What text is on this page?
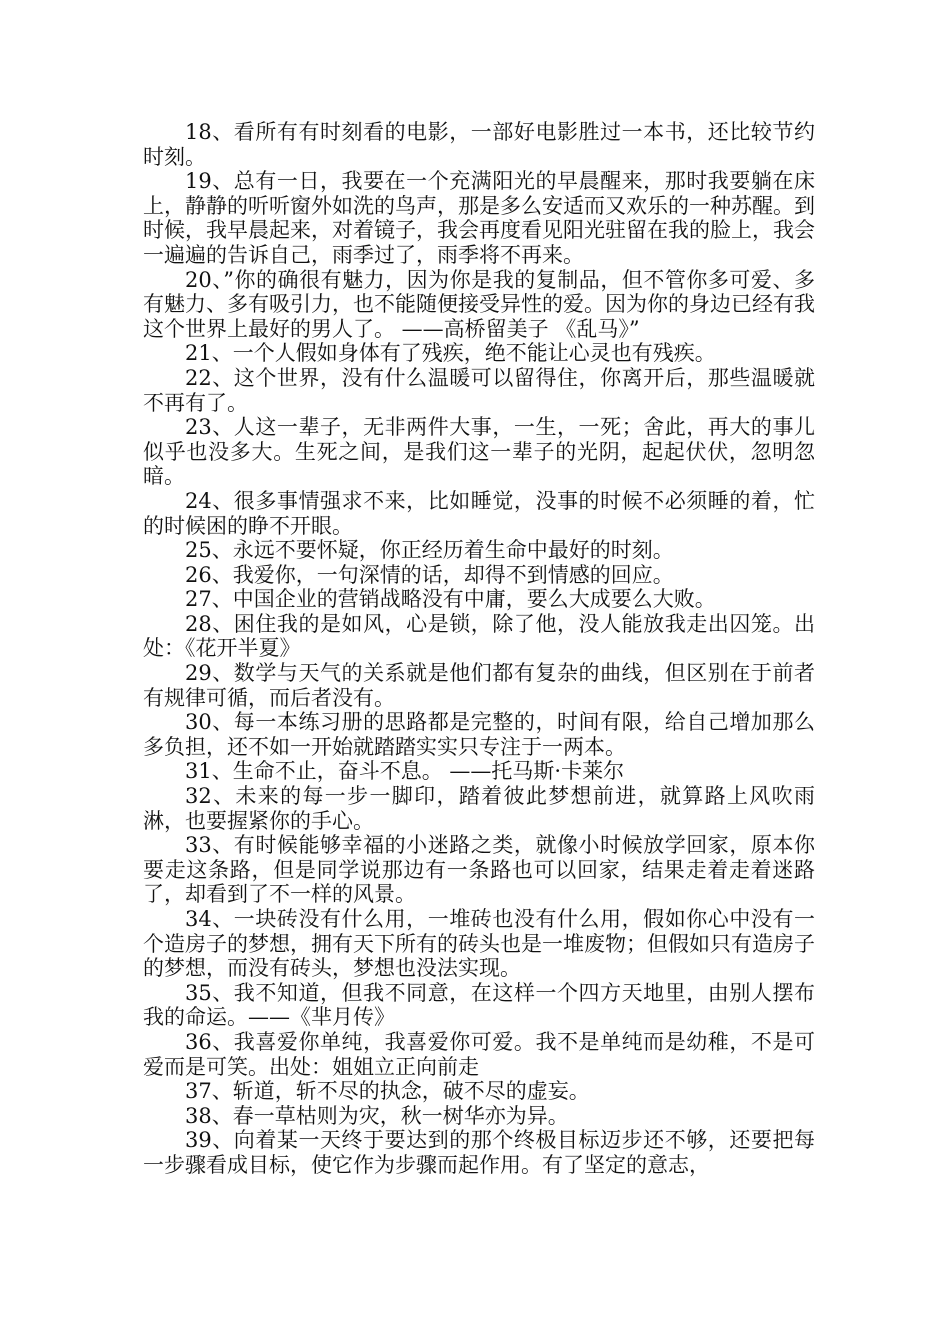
18、看所有有时刻看的电影，一部好电影胜过一本书，还比较节约时刻。

19、总有一日，我要在一个充满阳光的早晨醒来，那时我要躺在床上，静静的听听窗外如洗的鸟声，那是多么安适而又欢乐的一种苏醒。到时候，我早晨起来，对着镜子，我会再度看见阳光驻留在我的脸上，我会一遍遍的告诉自己，雨季过了，雨季将不再来。

20、”你的确很有魅力，因为你是我的复制品，但不管你多可爱、多有魅力、多有吸引力，也不能随便接受异性的爱。因为你的身边已经有我这个世界上最好的男人了。 ——高桥留美子 《乱马》”

21、一个人假如身体有了残疾，绝不能让心灵也有残疾。

22、这个世界，没有什么温暖可以留得住，你离开后，那些温暖就不再有了。

23、人这一辈子，无非两件大事，一生，一死；舍此，再大的事儿似乎也没多大。生死之间，是我们这一辈子的光阴，起起伏伏，忽明忽暗。

24、很多事情强求不来，比如睡觉，没事的时候不必须睡的着，忙的时候困的睁不开眼。

25、永远不要怀疑，你正经历着生命中最好的时刻。

26、我爱你，一句深情的话，却得不到情感的回应。

27、中国企业的营销战略没有中庸，要么大成要么大败。

28、困住我的是如风，心是锁，除了他，没人能放我走出囚笼。出处：《花开半夏》

29、数学与天气的关系就是他们都有复杂的曲线，但区别在于前者有规律可循，而后者没有。

30、每一本练习册的思路都是完整的，时间有限，给自己增加那么多负担，还不如一开始就踏踏实实只专注于一两本。

31、生命不止，奋斗不息。 ——托马斯·卡莱尔

32、未来的每一步一脚印，踏着彼此梦想前进，就算路上风吹雨淋，也要握紧你的手心。

33、有时候能够幸福的小迷路之类，就像小时候放学回家，原本你要走这条路，但是同学说那边有一条路也可以回家，结果走着走着迷路了，却看到了不一样的风景。

34、一块砖没有什么用，一堆砖也没有什么用，假如你心中没有一个造房子的梦想，拥有天下所有的砖头也是一堆废物；但假如只有造房子的梦想，而没有砖头，梦想也没法实现。

35、我不知道，但我不同意，在这样一个四方天地里，由别人摆布我的命运。——《芈月传》

36、我喜爱你单纯，我喜爱你可爱。我不是单纯而是幼稚，不是可爱而是可笑。出处：姐姐立正向前走

37、斩道，斩不尽的执念，破不尽的虚妄。

38、春一草枯则为灾，秋一树华亦为异。

39、向着某一天终于要达到的那个终极目标迈步还不够，还要把每一步骤看成目标，使它作为步骤而起作用。有了坚定的意志，
